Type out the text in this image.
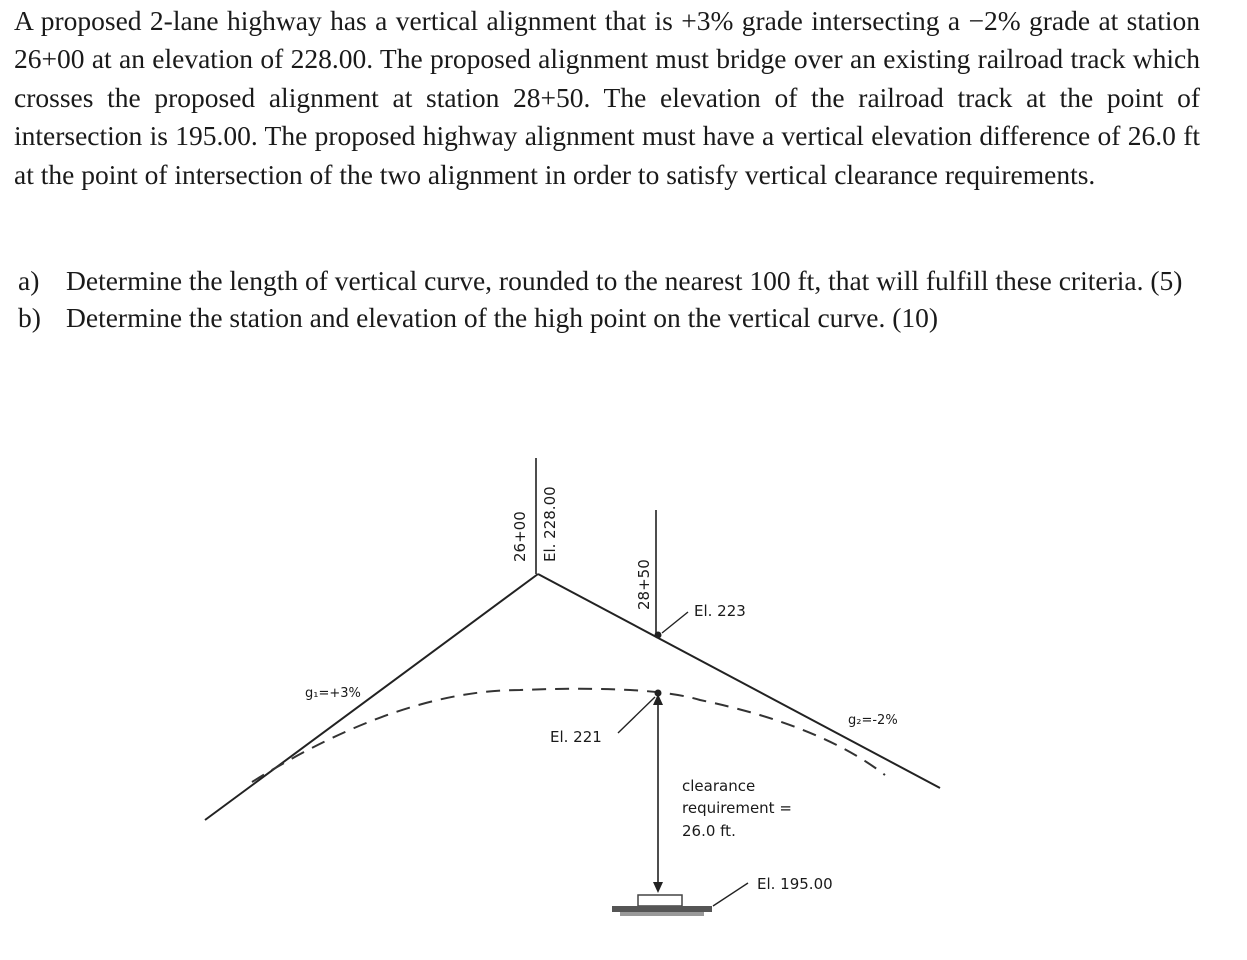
A proposed 2-lane highway has a vertical alignment that is +3% grade intersecting a −2% grade at station 26+00 at an elevation of 228.00. The proposed alignment must bridge over an existing railroad track which crosses the proposed alignment at station 28+50. The elevation of the railroad track at the point of intersection is 195.00. The proposed highway alignment must have a vertical elevation difference of 26.0 ft at the point of intersection of the two alignment in order to satisfy vertical clearance requirements.

a) Determine the length of vertical curve, rounded to the nearest 100 ft, that will fulfill these criteria. (5)
b) Determine the station and elevation of the high point on the vertical curve. (10)
26+00 El. 228.00
28+50
El. 223
El. 221
g₁=+3%
g₂=-2%
clearance
requirement =
26.0 ft.
El. 195.00
